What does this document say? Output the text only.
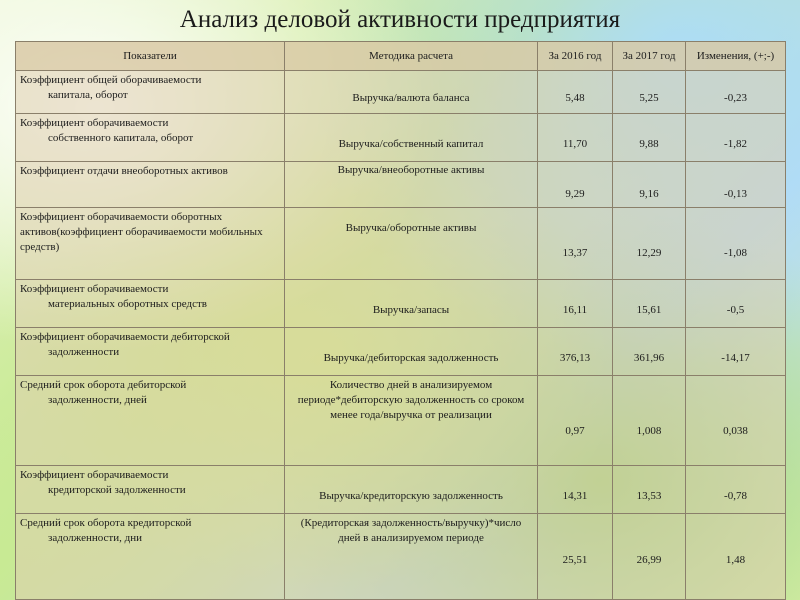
Анализ деловой активности предприятия
Показатели	Методика расчета	За 2016 год	За 2017 год	Изменения, (+;-)
Коэффициент общей оборачиваемости
капитала, оборот	Выручка/валюта баланса	5,48	5,25	-0,23
Коэффициент оборачиваемости
собственного капитала, оборот	Выручка/собственный капитал	11,70	9,88	-1,82
Коэффициент отдачи внеоборотных активов	Выручка/внеоборотные активы	9,29	9,16	-0,13
Коэффициент оборачиваемости оборотных активов(коэффициент оборачиваемости мобильных средств)	Выручка/оборотные активы	13,37	12,29	-1,08
Коэффициент оборачиваемости
материальных оборотных средств	Выручка/запасы	16,11	15,61	-0,5
Коэффициент оборачиваемости дебиторской
задолженности	Выручка/дебиторская задолженность	376,13	361,96	-14,17
Средний срок оборота дебиторской
задолженности, дней	Количество дней в анализируемом периоде*дебиторскую задолженность со сроком менее года/выручка от реализации	0,97	1,008	0,038
Коэффициент оборачиваемости
кредиторской задолженности	Выручка/кредиторскую задолженность	14,31	13,53	-0,78
Средний срок оборота кредиторской
задолженности, дни	(Кредиторская задолженность/выручку)*число дней в анализируемом периоде	25,51	26,99	1,48
